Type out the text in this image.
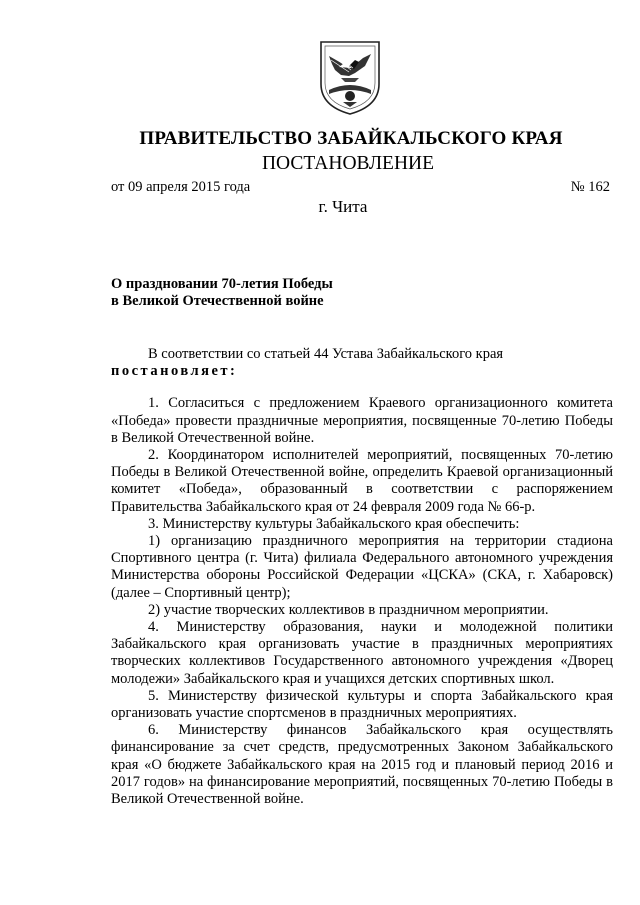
ПРАВИТЕЛЬСТВО ЗАБАЙКАЛЬСКОГО КРАЯ
ПОСТАНОВЛЕНИЕ
от 09 апреля 2015 года	№ 162
г. Чита
О праздновании 70-летия Победы
в Великой Отечественной войне

В соответствии со статьей 44 Устава Забайкальского края

постановляет:

1. Согласиться с предложением Краевого организационного комитета «Победа» провести праздничные мероприятия, посвященные 70-летию Победы в Великой Отечественной войне.

2. Координатором исполнителей мероприятий, посвященных 70-летию Победы в Великой Отечественной войне, определить Краевой организационный комитет «Победа», образованный в соответствии с распоряжением Правительства Забайкальского края от 24 февраля 2009 года № 66-р.

3. Министерству культуры Забайкальского края обеспечить:

1) организацию праздничного мероприятия на территории стадиона Спортивного центра (г. Чита) филиала Федерального автономного учреждения Министерства обороны Российской Федерации «ЦСКА» (СКА, г. Хабаровск) (далее – Спортивный центр);

2) участие творческих коллективов в праздничном мероприятии.

4. Министерству образования, науки и молодежной политики Забайкальского края организовать участие в праздничных мероприятиях творческих коллективов Государственного автономного учреждения «Дворец молодежи» Забайкальского края и учащихся детских спортивных школ.

5. Министерству физической культуры и спорта Забайкальского края организовать участие спортсменов в праздничных мероприятиях.

6. Министерству финансов Забайкальского края осуществлять финансирование за счет средств, предусмотренных Законом Забайкальского края «О бюджете Забайкальского края на 2015 год и плановый период 2016 и 2017 годов» на финансирование мероприятий, посвященных 70-летию Победы в Великой Отечественной войне.
